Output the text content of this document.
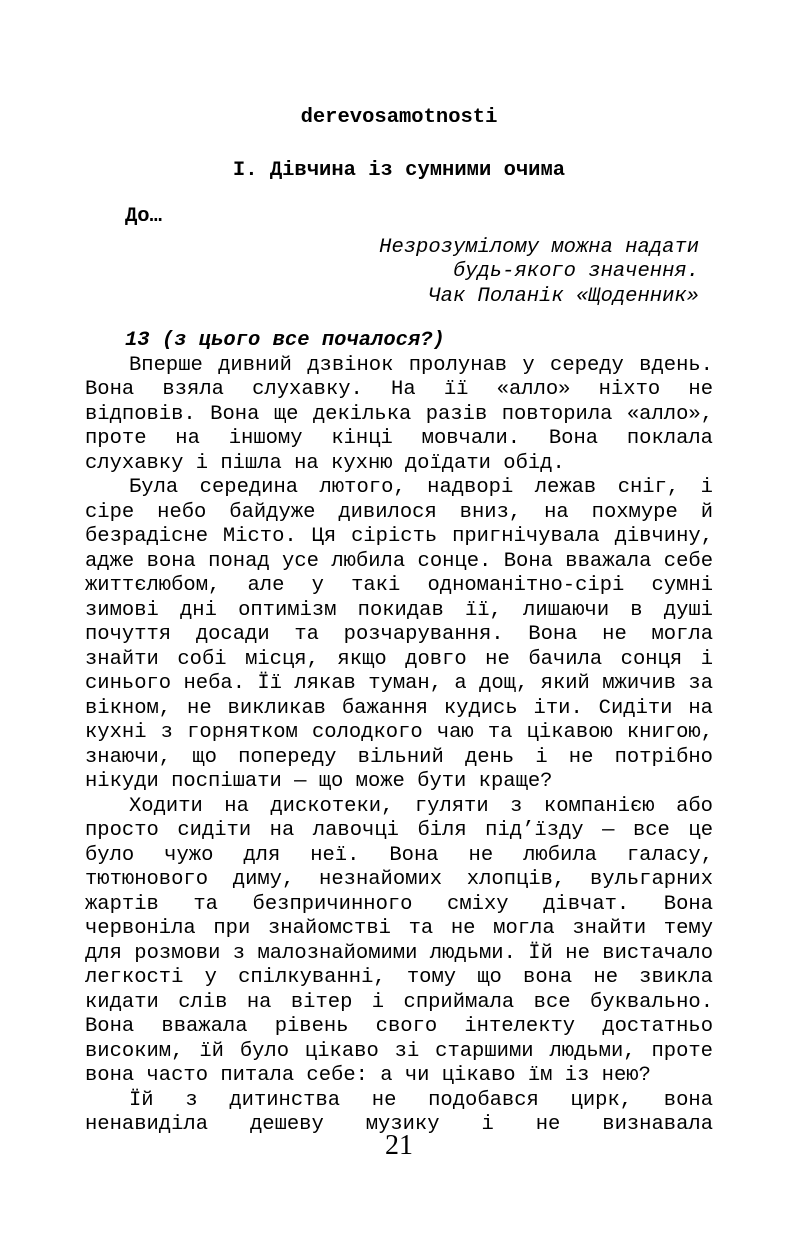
derevosamotnosti
І. Дівчина із сумними очима
До…
Незрозумілому можна надати
будь-якого значення.
Чак Поланік «Щоденник»
13 (з цього все почалося?)

Вперше дивний дзвінок пролунав у середу вдень. Вона взяла слухавку. На її «алло» ніхто не відповів. Вона ще декілька разів повторила «алло», проте на іншому кінці мовчали. Вона поклала слухавку і пішла на кухню доїдати обід.

Була середина лютого, надворі лежав сніг, і сіре небо байдуже дивилося вниз, на похмуре й безрадісне Місто. Ця сірість пригнічувала дівчину, адже вона понад усе любила сонце. Вона вважала себе життєлюбом, але у такі одноманітно-сірі сумні зимові дні оптимізм покидав її, лишаючи в душі почуття досади та розчарування. Вона не могла знайти собі місця, якщо довго не бачила сонця і синього неба. Її лякав туман, а дощ, який мжичив за вікном, не викликав бажання кудись іти. Сидіти на кухні з горнятком солодкого чаю та цікавою книгою, знаючи, що попереду вільний день і не потрібно нікуди поспішати — що може бути краще?

Ходити на дискотеки, гуляти з компанією або просто сидіти на лавочці біля під’їзду — все це було чужо для неї. Вона не любила галасу, тютюнового диму, незнайомих хлопців, вульгарних жартів та безпричинного сміху дівчат. Вона червоніла при знайомстві та не могла знайти тему для розмови з малознайомими людьми. Їй не вистачало легкості у спілкуванні, тому що вона не звикла кидати слів на вітер і сприймала все буквально. Вона вважала рівень свого інтелекту достатньо високим, їй було цікаво зі старшими людьми, проте вона часто питала себе: а чи цікаво їм із нею?

Їй з дитинства не подобався цирк, вона ненавиділа дешеву музику і не визнавала

21
